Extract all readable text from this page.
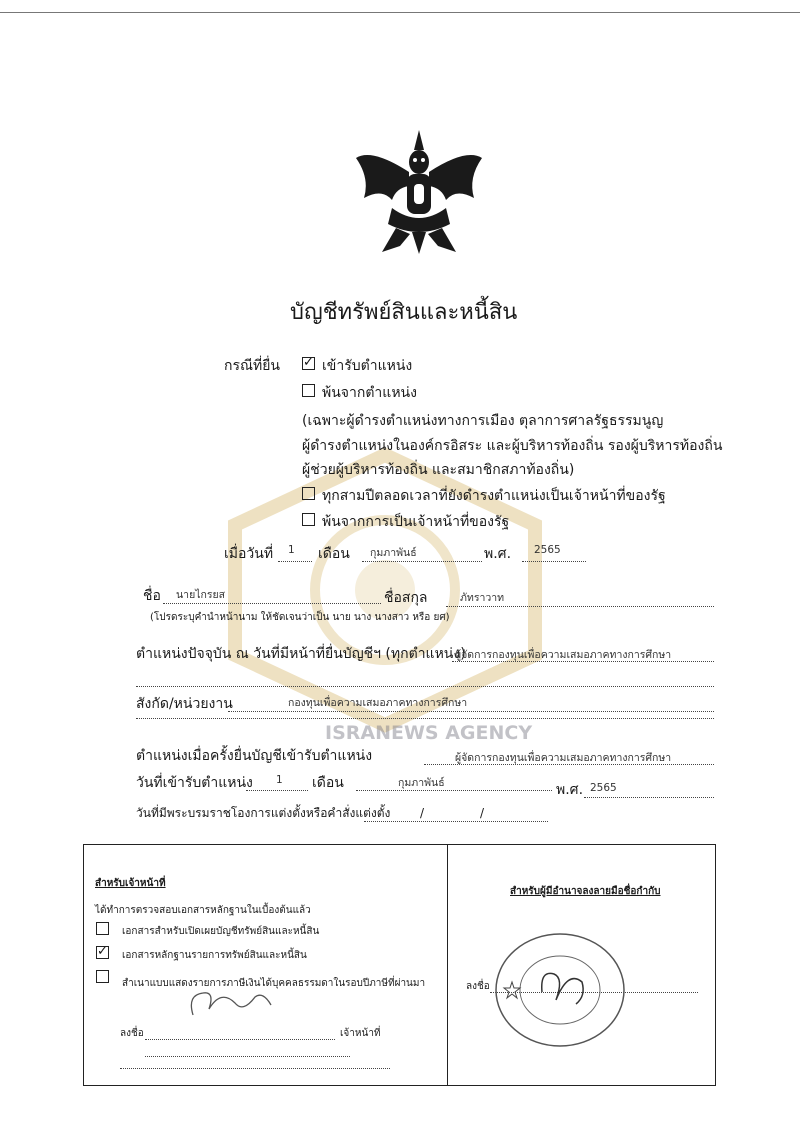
ISRANEWS AGENCY
บัญชีทรัพย์สินและหนี้สิน
กรณีที่ยื่น ✓ เข้ารับตำแหน่ง
พ้นจากตำแหน่ง
(เฉพาะผู้ดำรงตำแหน่งทางการเมือง ตุลาการศาลรัฐธรรมนูญ
ผู้ดำรงตำแหน่งในองค์กรอิสระ และผู้บริหารท้องถิ่น รองผู้บริหารท้องถิ่น
ผู้ช่วยผู้บริหารท้องถิ่น และสมาชิกสภาท้องถิ่น)
ทุกสามปีตลอดเวลาที่ยังดำรงตำแหน่งเป็นเจ้าหน้าที่ของรัฐ
พ้นจากการเป็นเจ้าหน้าที่ของรัฐ
เมื่อวันที่ 1 เดือน กุมภาพันธ์	พ.ศ. 2565
ชื่อ นายไกรยส	ชื่อสกุล	ภัทราวาท
(โปรดระบุคำนำหน้านาม ให้ชัดเจนว่าเป็น นาย นาง นางสาว หรือ ยศ)
ตำแหน่งปัจจุบัน ณ วันที่มีหน้าที่ยื่นบัญชีฯ (ทุกตำแหน่ง)
ผู้จัดการกองทุนเพื่อความเสมอภาคทางการศึกษา
สังกัด/หน่วยงาน	กองทุนเพื่อความเสมอภาคทางการศึกษา
ตำแหน่งเมื่อครั้งยื่นบัญชีเข้ารับตำแหน่ง	ผู้จัดการกองทุนเพื่อความเสมอภาคทางการศึกษา
วันที่เข้ารับตำแหน่ง 1 เดือน	กุมภาพันธ์	พ.ศ. 2565
วันที่มีพระบรมราชโองการแต่งตั้งหรือคำสั่งแต่งตั้ง /	/
สำหรับเจ้าหน้าที่
ได้ทำการตรวจสอบเอกสารหลักฐานในเบื้องต้นแล้ว
เอกสารสำหรับเปิดเผยบัญชีทรัพย์สินและหนี้สิน
✓ เอกสารหลักฐานรายการทรัพย์สินและหนี้สิน
สำเนาแบบแสดงรายการภาษีเงินได้บุคคลธรรมดาในรอบปีภาษีที่ผ่านมา
ลงชื่อ	เจ้าหน้าที่
สำหรับผู้มีอำนาจลงลายมือชื่อกำกับ
ลงชื่อ
